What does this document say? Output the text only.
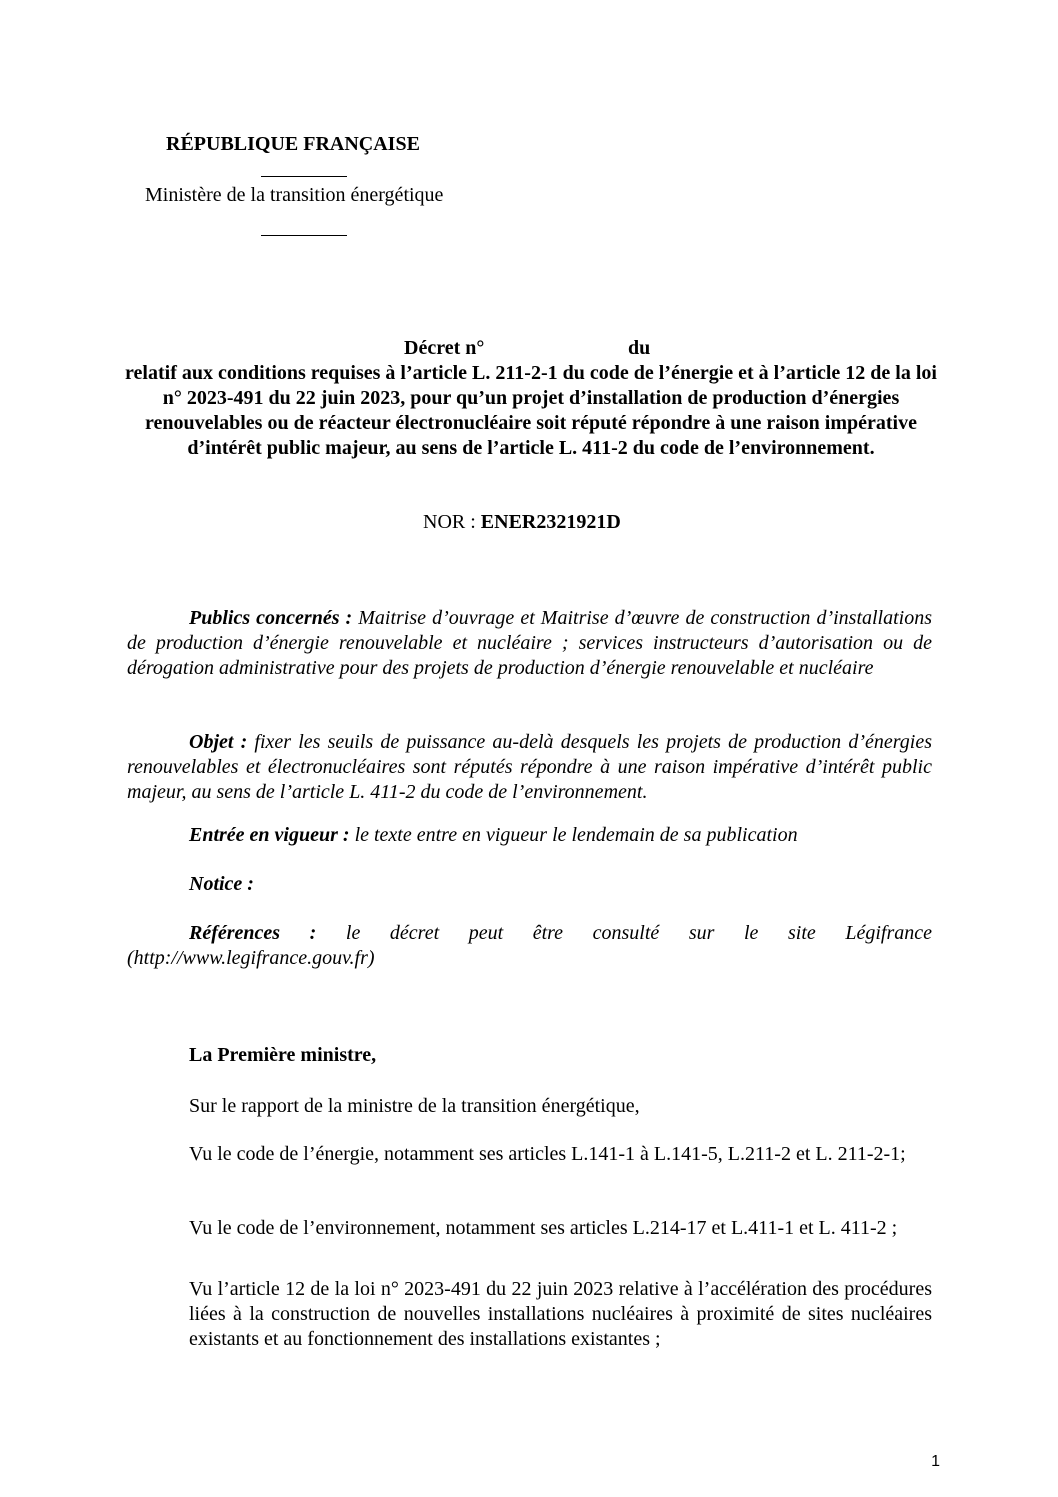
RÉPUBLIQUE FRANÇAISE
Ministère de la transition énergétique
Décret n°	du
relatif aux conditions requises à l’article L. 211-2-1 du code de l’énergie et à l’article 12 de la loi n° 2023-491 du 22 juin 2023, pour qu’un projet d’installation de production d’énergies renouvelables ou de réacteur électronucléaire soit réputé répondre à une raison impérative d’intérêt public majeur, au sens de l’article L. 411-2 du code de l’environnement.
NOR : ENER2321921D
Publics concernés : Maitrise d’ouvrage et Maitrise d’œuvre de construction d’installations de production d’énergie renouvelable et nucléaire ; services instructeurs d’autorisation ou de dérogation administrative pour des projets de production d’énergie renouvelable et nucléaire
Objet : fixer les seuils de puissance au-delà desquels les projets de production d’énergies renouvelables et électronucléaires sont réputés répondre à une raison impérative d’intérêt public majeur, au sens de l’article L. 411-2 du code de l’environnement.
Entrée en vigueur : le texte entre en vigueur le lendemain de sa publication
Notice :
Références : le décret peut être consulté sur le site Légifrance (http://www.legifrance.gouv.fr)
La Première ministre,
Sur le rapport de la ministre de la transition énergétique,
Vu le code de l’énergie, notamment ses articles L.141-1 à L.141-5, L.211-2 et L. 211-2-1;
Vu le code de l’environnement, notamment ses articles L.214-17 et L.411-1 et L. 411-2 ;
Vu l’article 12 de la loi n° 2023-491 du 22 juin 2023 relative à l’accélération des procédures liées à la construction de nouvelles installations nucléaires à proximité de sites nucléaires existants et au fonctionnement des installations existantes ;
1
